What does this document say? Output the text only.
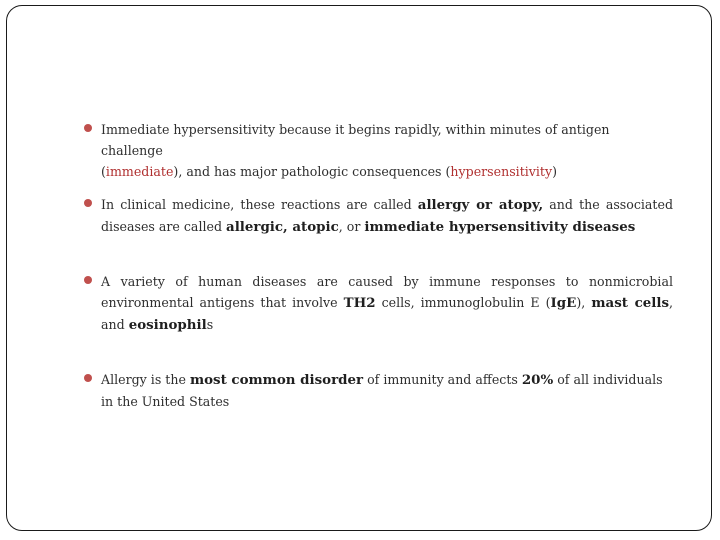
Immediate hypersensitivity because it begins rapidly, within minutes of antigen challenge
(immediate), and has major pathologic consequences (hypersensitivity)
In clinical medicine, these reactions are called allergy or atopy, and the associated
diseases are called allergic, atopic, or immediate hypersensitivity diseases
A variety of human diseases are caused by immune responses to nonmicrobial
environmental antigens that involve TH2 cells, immunoglobulin E (IgE), mast cells,
and eosinophils
Allergy is the most common disorder of immunity and affects 20% of all individuals
in the United States
